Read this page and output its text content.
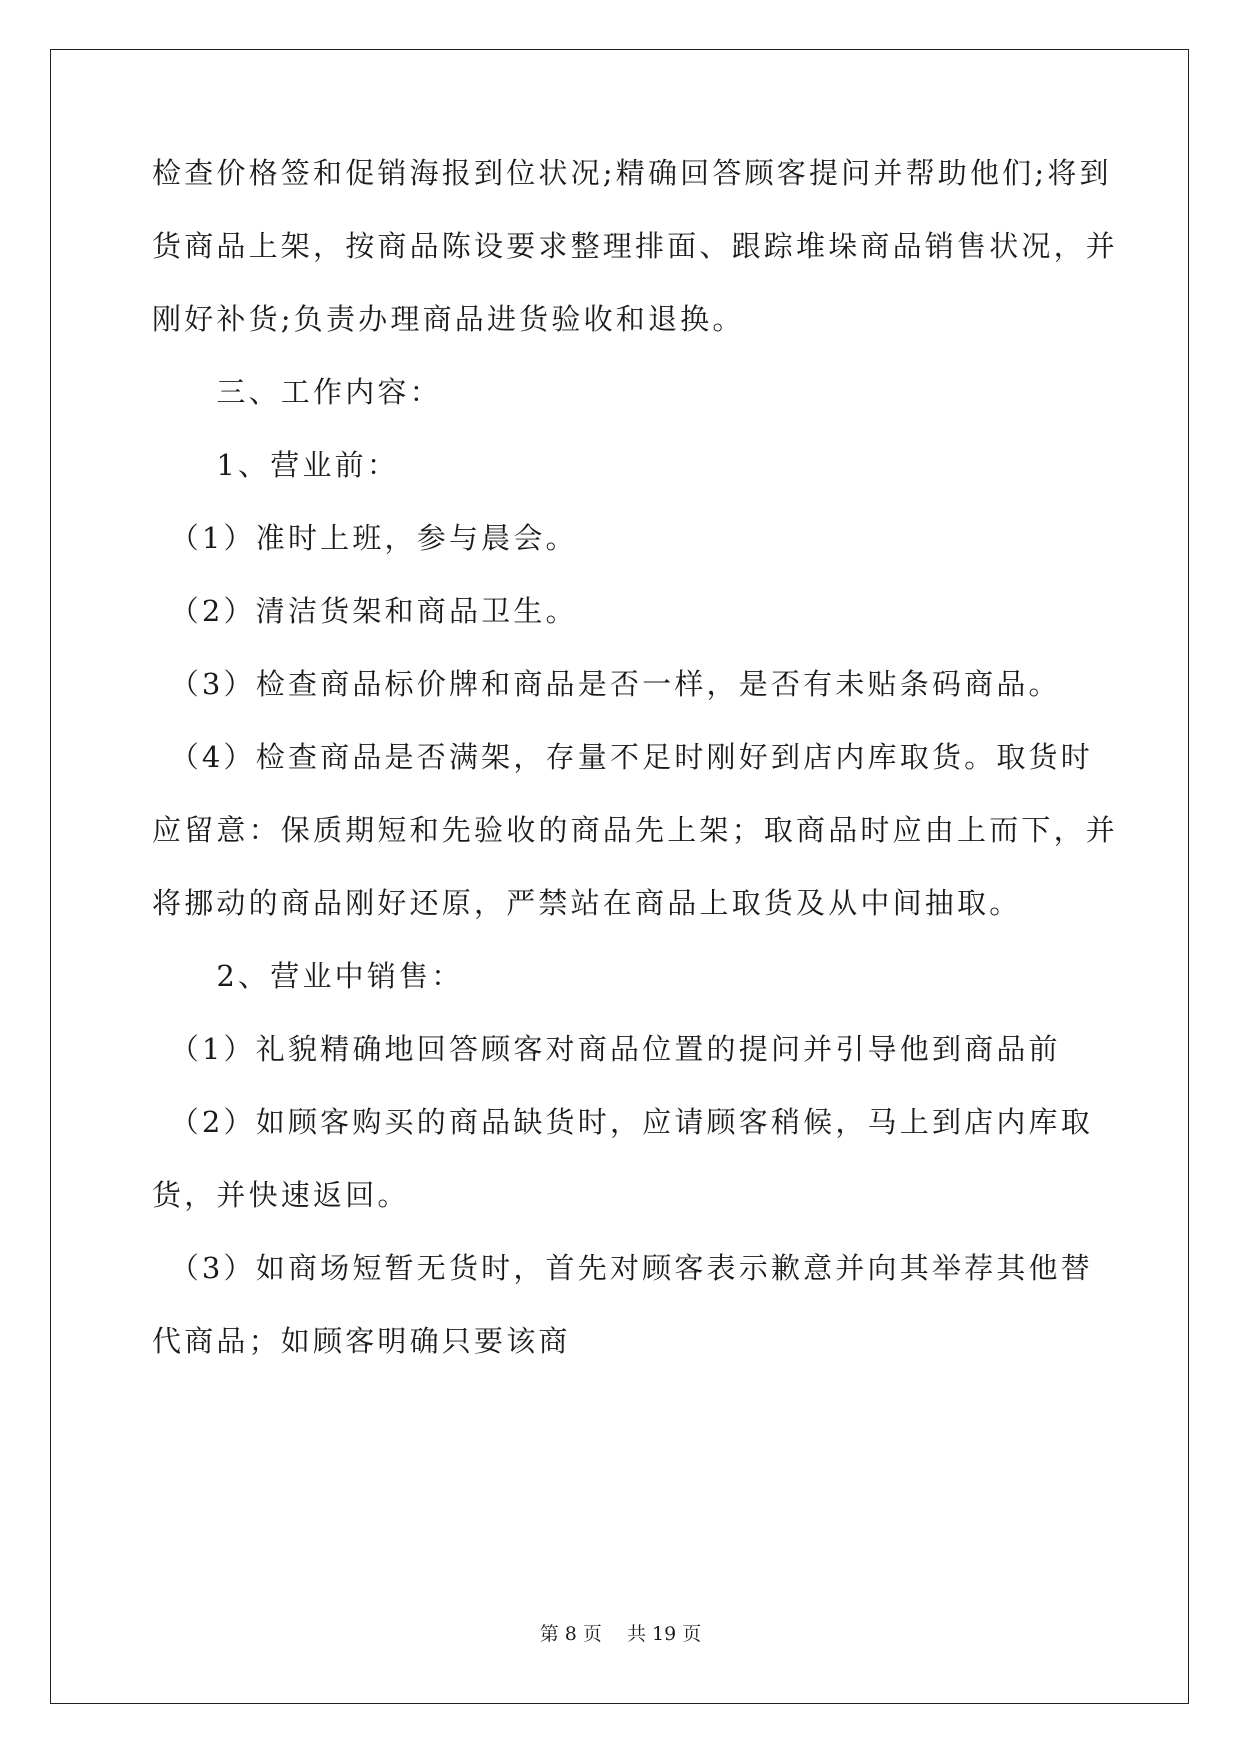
检查价格签和促销海报到位状况;精确回答顾客提问并帮助他们;将到
货商品上架，按商品陈设要求整理排面、跟踪堆垛商品销售状况，并
刚好补货;负责办理商品进货验收和退换。
　　三、工作内容：
　　1、营业前：
　（1）准时上班，参与晨会。
　（2）清洁货架和商品卫生。
　（3）检查商品标价牌和商品是否一样，是否有未贴条码商品。
　（4）检查商品是否满架，存量不足时刚好到店内库取货。取货时
应留意：保质期短和先验收的商品先上架；取商品时应由上而下，并
将挪动的商品刚好还原，严禁站在商品上取货及从中间抽取。
　　2、营业中销售：
　（1）礼貌精确地回答顾客对商品位置的提问并引导他到商品前
　（2）如顾客购买的商品缺货时，应请顾客稍候，马上到店内库取
货，并快速返回。
　（3）如商场短暂无货时，首先对顾客表示歉意并向其举荐其他替
代商品；如顾客明确只要该商
第 8 页　 共 19 页
